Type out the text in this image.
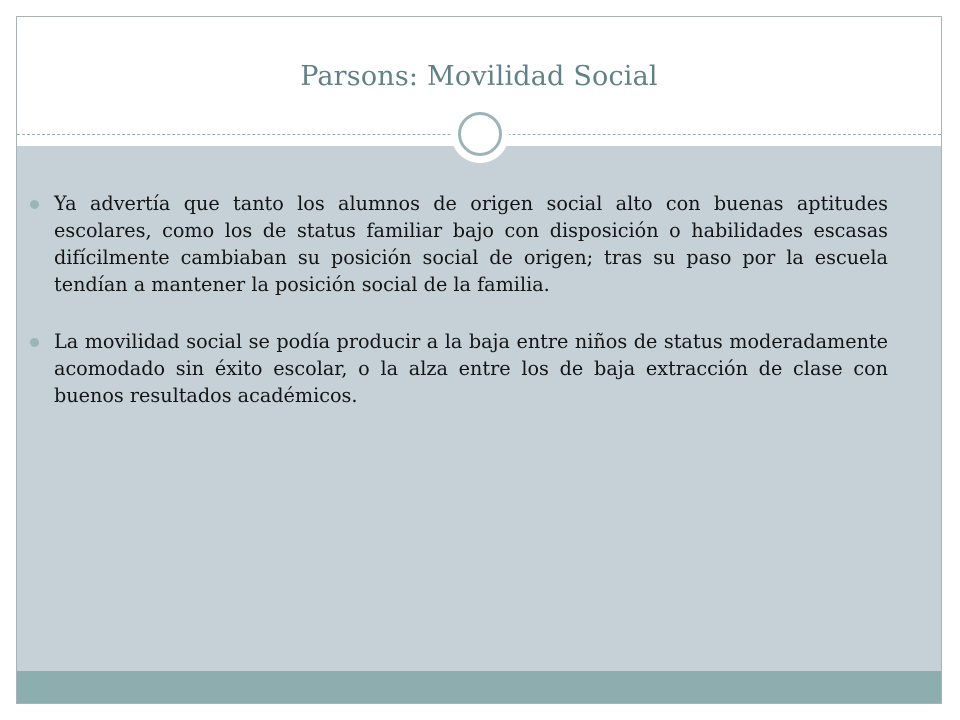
Parsons: Movilidad Social
Ya advertía que tanto los alumnos de origen social alto con buenas aptitudes escolares, como los de status familiar bajo con disposición o habilidades escasas difícilmente cambiaban su posición social de origen; tras su paso por la escuela tendían a mantener la posición social de la familia.
La movilidad social se podía producir a la baja entre niños de status moderadamente acomodado sin éxito escolar, o la alza entre los de baja extracción de clase con buenos resultados académicos.
